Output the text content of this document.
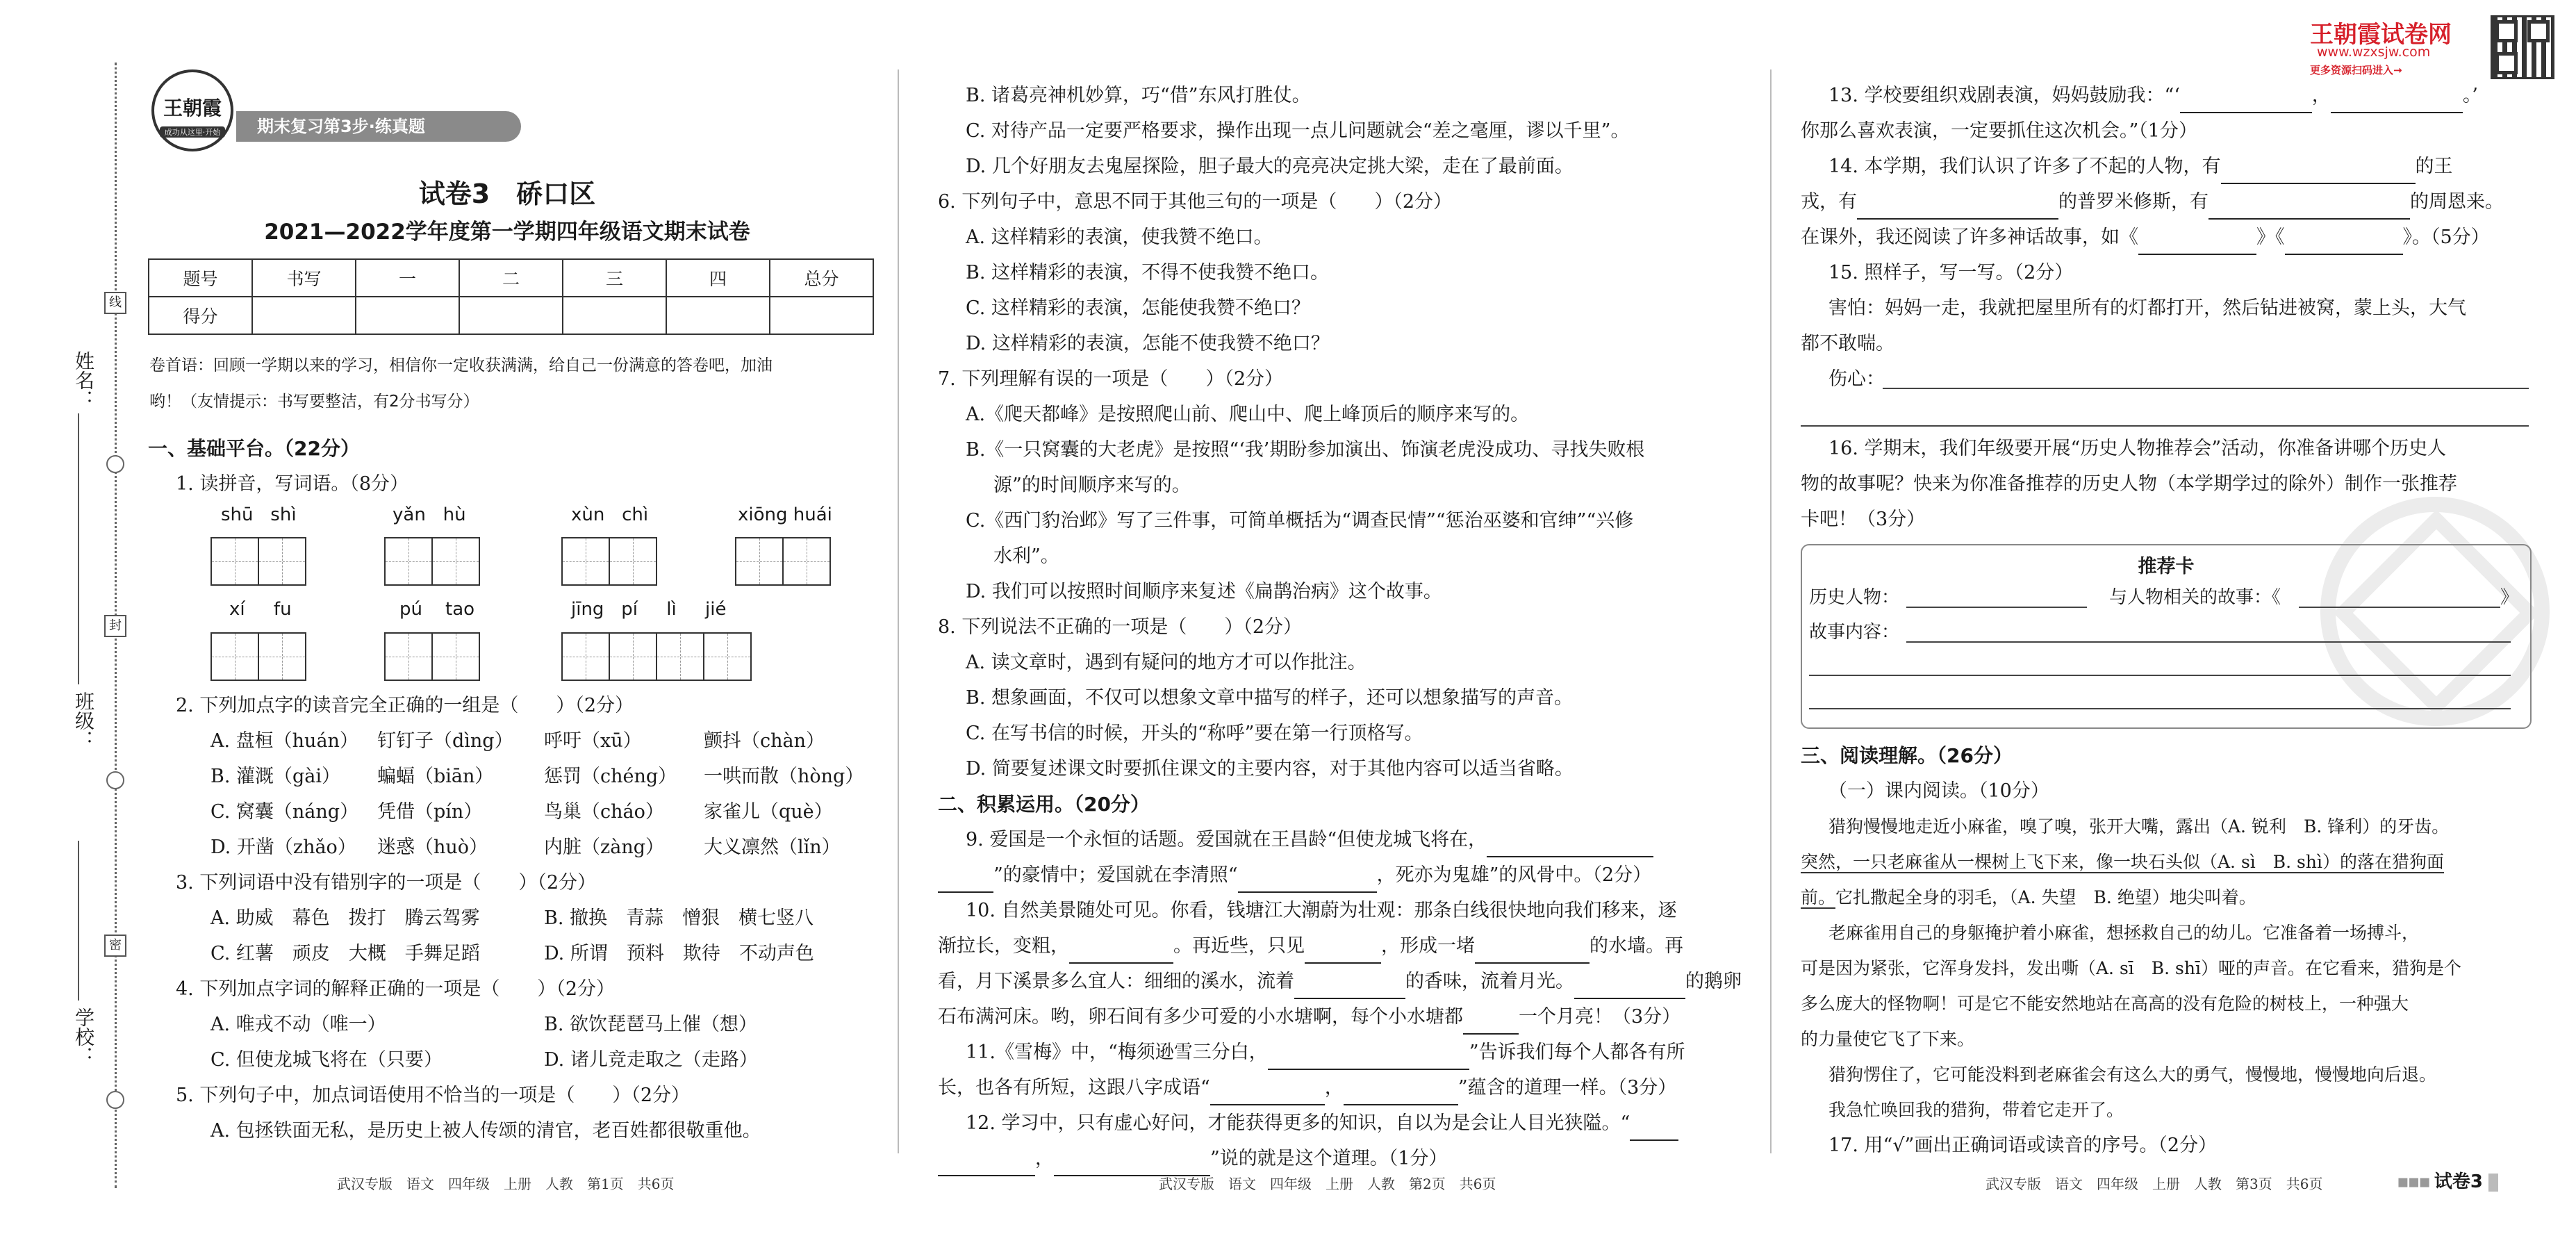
王朝霞
成功从这里·开始	期末复习第3步·练真题
试卷3　硚口区
2021—2022学年度第一学期四年级语文期末试卷
题号	书写	一	二	三	四	总分
得分						
卷首语：回顾一学期以来的学习，相信你一定收获满满，给自己一份满意的答卷吧，加油
哟！（友情提示：书写要整洁，有2分书写分）
姓名：
班级：
学校：
线
封
密
一、基础平台。（22分）
1. 读拼音，写词语。（8分）
shū   shì	yǎn   hù	xùn   chì	xiōng huái
xí     fu	pú    tao	jīng   pí     lì     jié
2. 下列加点字的读音完全正确的一组是（　　）（2分）
A. 盘桓（huán）	钉钉子（dìng）	呼吁（xū）	颤抖（chàn）
B. 灌溉（gài）	蝙蝠（biān）	惩罚（chéng）	一哄而散（hòng）
C. 窝囊（náng） 凭借（pín）	鸟巢（cháo）	家雀儿（què）
D. 开凿（zhǎo）	迷惑（huò）	内脏（zàng）	大义凛然（lǐn）
3. 下列词语中没有错别字的一项是（　　）（2分）
A. 助威　幕色　拨打　腾云驾雾	B. 撤换　青蒜　憎狠　横七竖八
C. 红薯　顽皮　大概　手舞足蹈	D. 所谓　预料　欺待　不动声色
4. 下列加点字词的解释正确的一项是（　　）（2分）
A. 唯戎不动（唯一）	B. 欲饮琵琶马上催（想）
C. 但使龙城飞将在（只要）	D. 诸儿竞走取之（走路）
5. 下列句子中，加点词语使用不恰当的一项是（　　）（2分）
A. 包拯铁面无私，是历史上被人传颂的清官，老百姓都很敬重他。
B. 诸葛亮神机妙算，巧“借”东风打胜仗。
C. 对待产品一定要严格要求，操作出现一点儿问题就会“差之毫厘，谬以千里”。
D. 几个好朋友去鬼屋探险，胆子最大的亮亮决定挑大梁，走在了最前面。
6. 下列句子中，意思不同于其他三句的一项是（　　）（2分）
A. 这样精彩的表演，使我赞不绝口。
B. 这样精彩的表演，不得不使我赞不绝口。
C. 这样精彩的表演，怎能使我赞不绝口？
D. 这样精彩的表演，怎能不使我赞不绝口？
7. 下列理解有误的一项是（　　）（2分）
A.《爬天都峰》是按照爬山前、爬山中、爬上峰顶后的顺序来写的。
B.《一只窝囊的大老虎》是按照“‘我’期盼参加演出、饰演老虎没成功、寻找失败根
源”的时间顺序来写的。
C.《西门豹治邺》写了三件事，可简单概括为“调查民情”“惩治巫婆和官绅”“兴修
水利”。
D. 我们可以按照时间顺序来复述《扁鹊治病》这个故事。
8. 下列说法不正确的一项是（　　）（2分）
A. 读文章时，遇到有疑问的地方才可以作批注。
B. 想象画面，不仅可以想象文章中描写的样子，还可以想象描写的声音。
C. 在写书信的时候，开头的“称呼”要在第一行顶格写。
D. 简要复述课文时要抓住课文的主要内容，对于其他内容可以适当省略。
二、积累运用。（20分）
9. 爱国是一个永恒的话题。爱国就在王昌龄“但使龙城飞将在，
”的豪情中；爱国就在李清照“	，死亦为鬼雄”的风骨中。（2分）
10. 自然美景随处可见。你看，钱塘江大潮蔚为壮观：那条白线很快地向我们移来，逐
渐拉长，变粗，	。再近些，只见	，形成一堵	的水墙。再
看，月下溪景多么宜人：细细的溪水，流着	的香味，流着月光。	的鹅卵
石布满河床。哟，卵石间有多少可爱的小水塘啊，每个小水塘都	一个月亮！（3分）
11.《雪梅》中，“梅须逊雪三分白，	”告诉我们每个人都各有所
长，也各有所短，这跟八字成语“	，	”蕴含的道理一样。（3分）
12. 学习中，只有虚心好问，才能获得更多的知识，自以为是会让人目光狭隘。“
，	”说的就是这个道理。（1分）
王朝霞试卷网
www.wzxsjw.com
更多资源扫码进入→
13. 学校要组织戏剧表演，妈妈鼓励我：“‘	，	。’
你那么喜欢表演，一定要抓住这次机会。”（1分）
14. 本学期，我们认识了许多了不起的人物，有	的王
戎，有	的普罗米修斯，有	的周恩来。
在课外，我还阅读了许多神话故事，如《	》《	》。（5分）
15. 照样子，写一写。（2分）
害怕：妈妈一走，我就把屋里所有的灯都打开，然后钻进被窝，蒙上头，大气
都不敢喘。
伤心：
16. 学期末，我们年级要开展“历史人物推荐会”活动，你准备讲哪个历史人
物的故事呢？快来为你准备推荐的历史人物（本学期学过的除外）制作一张推荐
卡吧！（3分）
推荐卡
历史人物：	与人物相关的故事：《	》
故事内容：
三、阅读理解。（26分）
（一）课内阅读。（10分）
猎狗慢慢地走近小麻雀，嗅了嗅，张开大嘴，露出（A. 锐利　B. 锋利）的牙齿。
突然，一只老麻雀从一棵树上飞下来，像一块石头似（A. sì　B. shì）的落在猎狗面
前。它扎撒起全身的羽毛，（A. 失望　B. 绝望）地尖叫着。
老麻雀用自己的身躯掩护着小麻雀，想拯救自己的幼儿。它准备着一场搏斗，
可是因为紧张，它浑身发抖，发出嘶（A. sī　B. shī）哑的声音。在它看来，猎狗是个
多么庞大的怪物啊！可是它不能安然地站在高高的没有危险的树枝上，一种强大
的力量使它飞了下来。
猎狗愣住了，它可能没料到老麻雀会有这么大的勇气，慢慢地，慢慢地向后退。
我急忙唤回我的猎狗，带着它走开了。
17. 用“√”画出正确词语或读音的序号。（2分）
武汉专版　语文　四年级　上册　人教　第1页　共6页	武汉专版　语文　四年级　上册　人教　第2页　共6页	武汉专版　语文　四年级　上册　人教　第3页　共6页	▪▪▪ 试卷3
